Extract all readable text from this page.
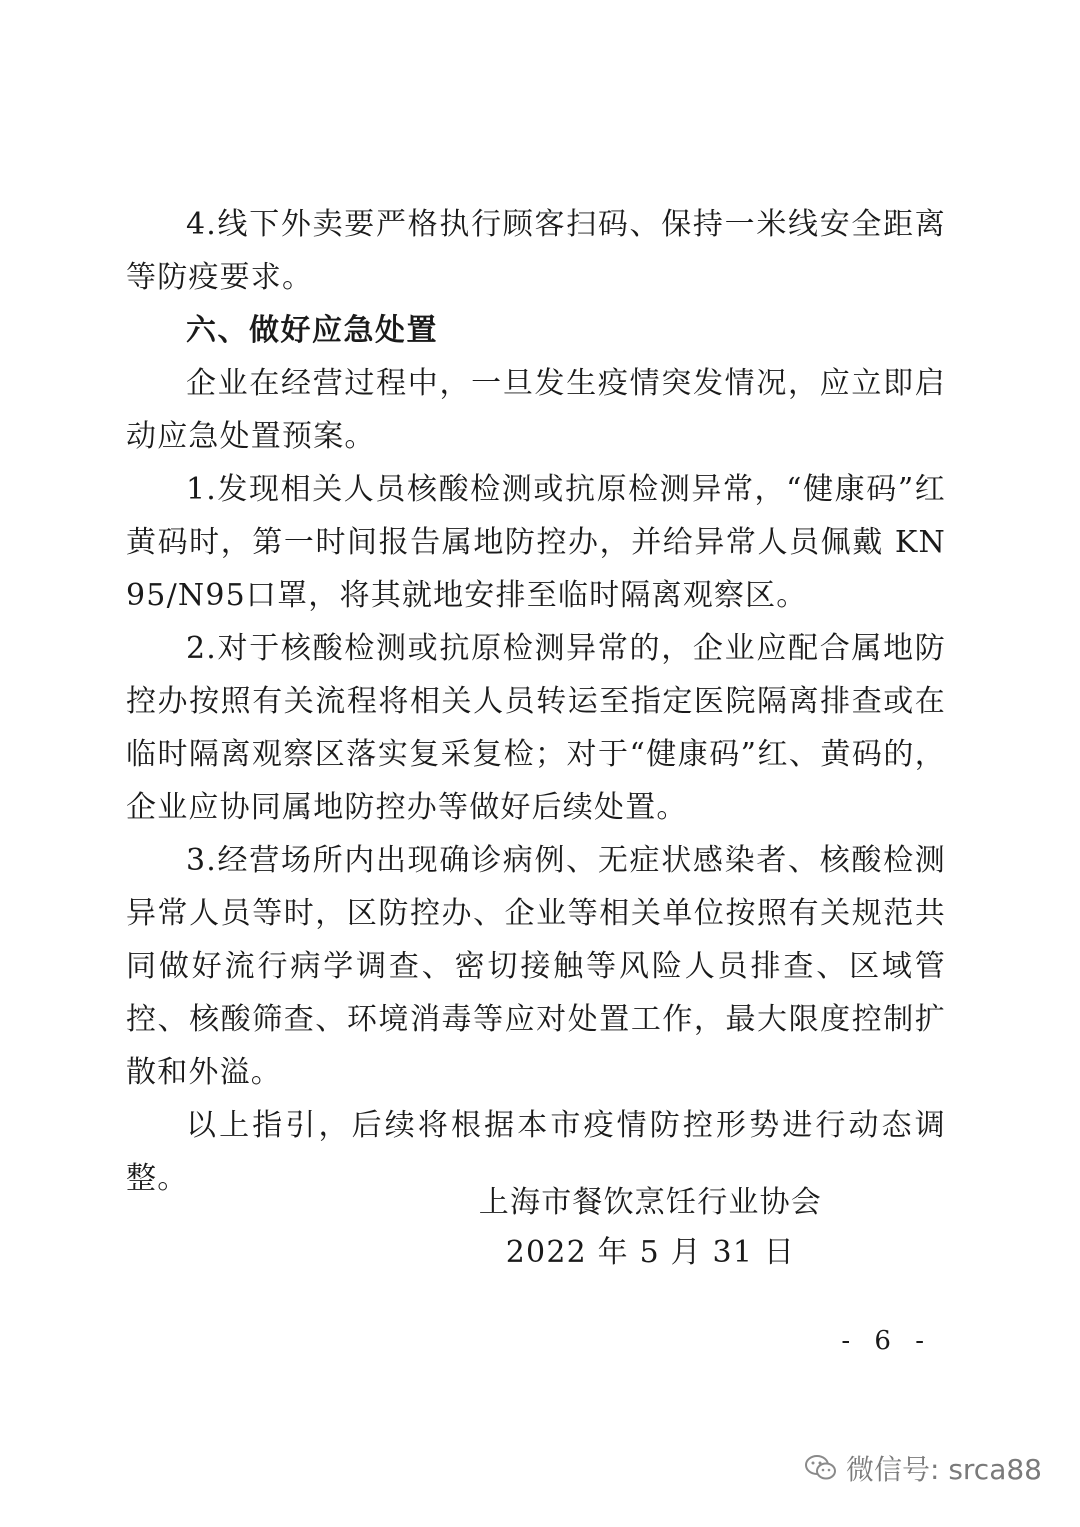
4.线下外卖要严格执行顾客扫码、保持一米线安全距离等防疫要求。

六、做好应急处置

企业在经营过程中，一旦发生疫情突发情况，应立即启动应急处置预案。

1.发现相关人员核酸检测或抗原检测异常，“健康码”红黄码时，第一时间报告属地防控办，并给异常人员佩戴 KN95/N95口罩，将其就地安排至临时隔离观察区。

2.对于核酸检测或抗原检测异常的，企业应配合属地防控办按照有关流程将相关人员转运至指定医院隔离排查或在临时隔离观察区落实复采复检；对于“健康码”红、黄码的，企业应协同属地防控办等做好后续处置。

3.经营场所内出现确诊病例、无症状感染者、核酸检测异常人员等时，区防控办、企业等相关单位按照有关规范共同做好流行病学调查、密切接触等风险人员排查、区域管控、核酸筛查、环境消毒等应对处置工作，最大限度控制扩散和外溢。

以上指引，后续将根据本市疫情防控形势进行动态调整。

上海市餐饮烹饪行业协会
2022 年 5 月 31 日
- 6 -
微信号: srca88
